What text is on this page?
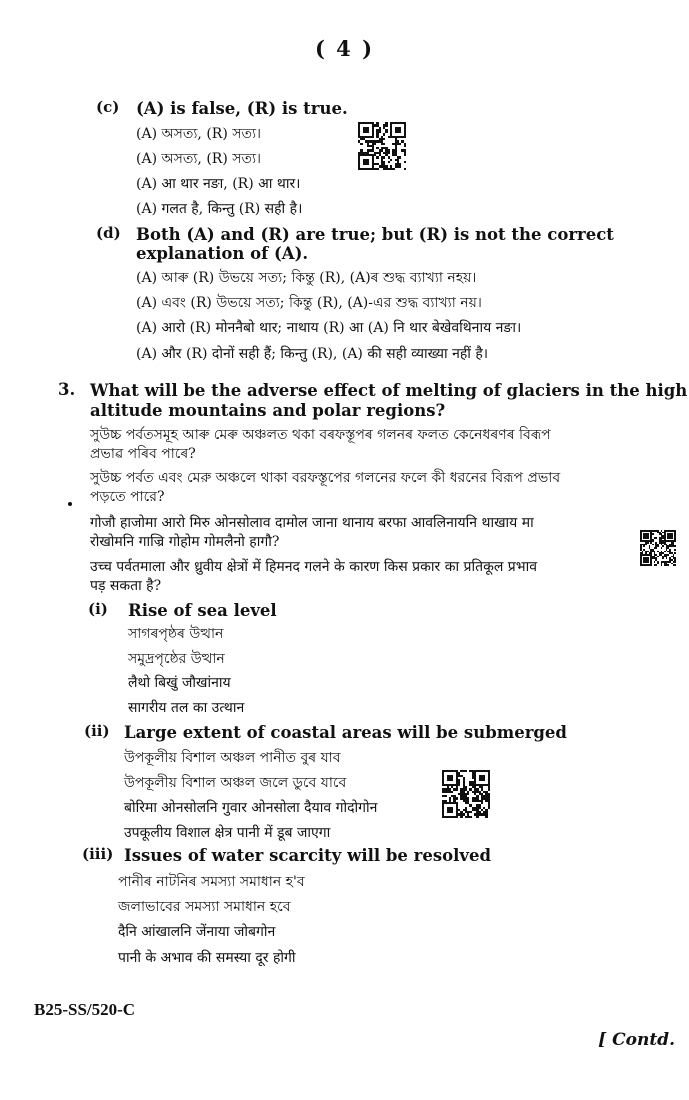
( 4 )
(c) (A) is false, (R) is true.
(A) অসত্য, (R) সত্য।
(A) অসত্য, (R) সত্য।
(A) आ थार नङा, (R) आ थार।
(A) गलत है, किन्तु (R) सही है।
(d) Both (A) and (R) are true; but (R) is not the correct
explanation of (A).
(A) আৰু (R) উভয়ে সত্য; কিন্তু (R), (A)ৰ শুদ্ধ ব্যাখ্যা নহয়।
(A) এবং (R) উভয়ে সত্য; কিন্তু (R), (A)-এর শুদ্ধ ব্যাখ্যা নয়।
(A) आरो (R) मोननैबो थार; नाथाय (R) आ (A) नि थार बेखेवथिनाय नङा।
(A) और (R) दोनों सही हैं; किन्तु (R), (A) की सही व्याख्या नहीं है।
3. What will be the adverse effect of melting of glaciers in the high
altitude mountains and polar regions?
সুউচ্চ পৰ্বতসমূহ আৰু মেৰু অঞ্চলত থকা বৰফস্তূপৰ গলনৰ ফলত কেনেধৰণৰ বিৰূপ
প্ৰভাৱ পৰিব পাৰে?
সুউচ্চ পর্বত এবং মেরু অঞ্চলে থাকা বরফস্তূপের গলনের ফলে কী ধরনের বিরূপ প্রভাব
পড়তে পারে?
गोजौ हाजोमा आरो मिरु ओनसोलाव दामोल जाना थानाय बरफा आवलिनायनि थाखाय मा
रोखोमनि गाज्रि गोहोम गोमलैनो हागौ?
उच्च पर्वतमाला और ध्रुवीय क्षेत्रों में हिमनद गलने के कारण किस प्रकार का प्रतिकूल प्रभाव
पड़ सकता है?
(i) Rise of sea level
সাগৰপৃষ্ঠৰ উত্থান
সমুদ্রপৃষ্ঠের উত্থান
लैथो बिखुं जौखांनाय
सागरीय तल का उत्थान
(ii) Large extent of coastal areas will be submerged
উপকূলীয় বিশাল অঞ্চল পানীত বুৰ যাব
উপকূলীয় বিশাল অঞ্চল জলে ডুবে যাবে
बोरिमा ओनसोलनि गुवार ओनसोला दैयाव गोदोगोन
उपकूलीय विशाल क्षेत्र पानी में डूब जाएगा
(iii) Issues of water scarcity will be resolved
পানীৰ নাটনিৰ সমস্যা সমাধান হ'ব
জলাভাবের সমস্যা সমাধান হবে
दैनि आंखालनि जेंनाया जोबगोन
पानी के अभाव की समस्या दूर होगी
B25-SS/520-C
[ Contd.
